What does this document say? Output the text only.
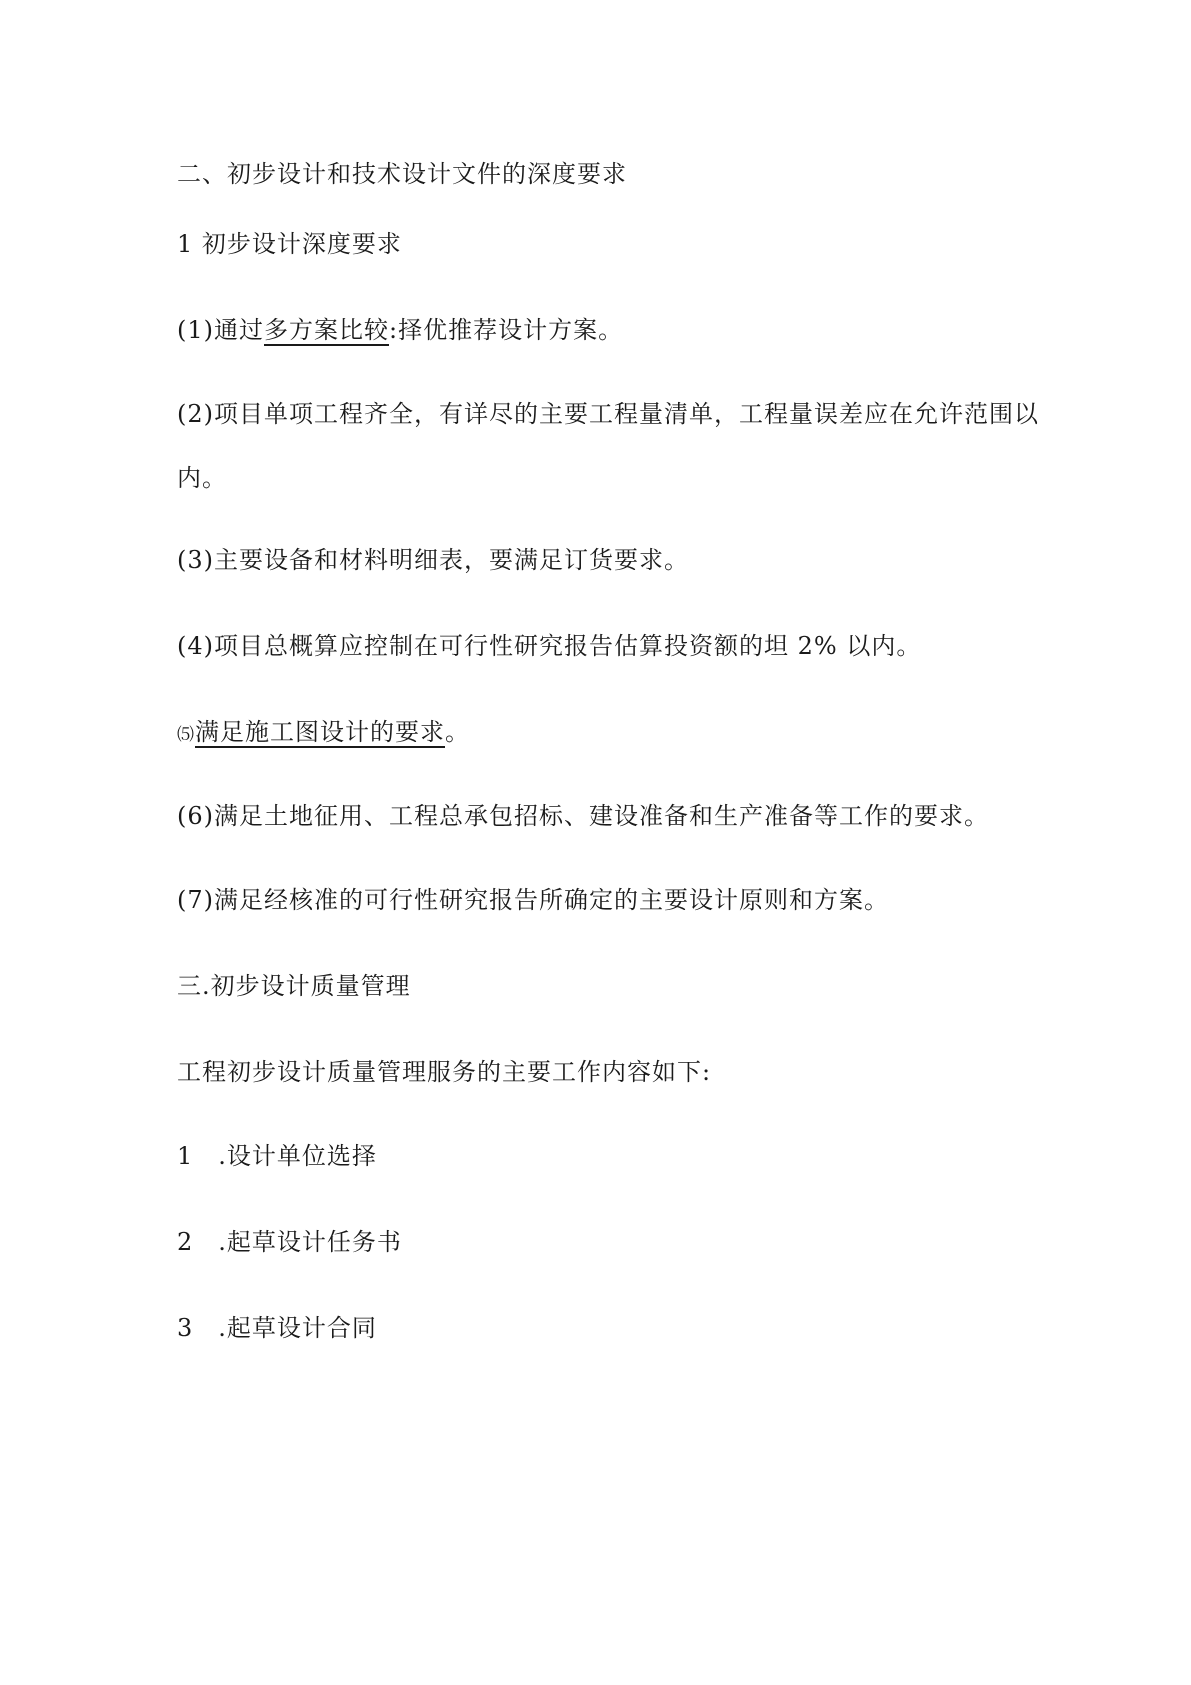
二、初步设计和技术设计文件的深度要求
1 初步设计深度要求
(1)通过多方案比较:择优推荐设计方案。
(2)项目单项工程齐全，有详尽的主要工程量清单，工程量误差应在允许范围以
内。
(3)主要设备和材料明细表，要满足订货要求。
(4)项目总概算应控制在可行性研究报告估算投资额的坦 2% 以内。
⑸满足施工图设计的要求。
(6)满足土地征用、工程总承包招标、建设准备和生产准备等工作的要求。
(7)满足经核准的可行性研究报告所确定的主要设计原则和方案。
三.初步设计质量管理
工程初步设计质量管理服务的主要工作内容如下:
1　.设计单位选择
2　.起草设计任务书
3　.起草设计合同
